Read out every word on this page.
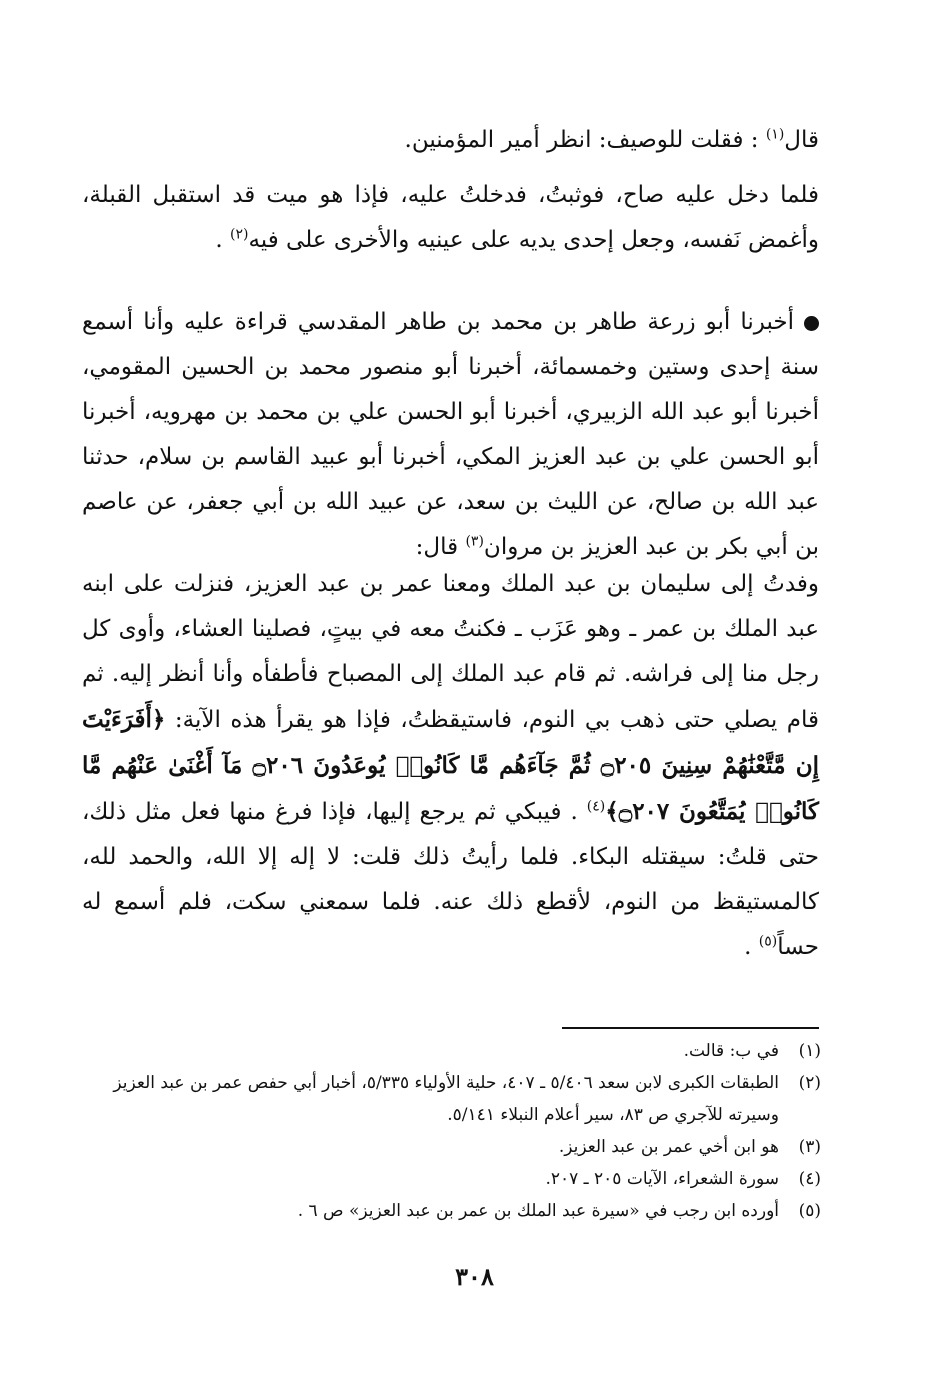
قال$^{(١)}$ : فقلت للوصيف: انظر أمير المؤمنين.

فلما دخل عليه صاح، فوثبتُ، فدخلتُ عليه، فإذا هو ميت قد استقبل القبلة، وأغمض نَفسه، وجعل إحدى يديه على عينيه والأخرى على فيه$^{(٢)}$ .

أخبرنا أبو زرعة طاهر بن محمد بن طاهر المقدسي قراءة عليه وأنا أسمع سنة إحدى وستين وخمسمائة، أخبرنا أبو منصور محمد بن الحسين المقومي، أخبرنا أبو عبد الله الزبيري، أخبرنا أبو الحسن علي بن محمد بن مهرويه، أخبرنا أبو الحسن علي بن عبد العزيز المكي، أخبرنا أبو عبيد القاسم بن سلام، حدثنا عبد الله بن صالح، عن الليث بن سعد، عن عبيد الله بن أبي جعفر، عن عاصم بن أبي بكر بن عبد العزيز بن مروان$^{(٣)}$ قال:

وفدتُ إلى سليمان بن عبد الملك ومعنا عمر بن عبد العزيز، فنزلت على ابنه عبد الملك بن عمر ـ وهو عَزَب ـ فكنتُ معه في بيتٍ، فصلينا العشاء، وأوى كل رجل منا إلى فراشه. ثم قام عبد الملك إلى المصباح فأطفأه وأنا أنظر إليه. ثم قام يصلي حتى ذهب بي النوم، فاستيقظتُ، فإذا هو يقرأ هذه الآية: ﴿أَفَرَءَيْتَ إِن مَّتَّعْنَٰهُمْ سِنِينَ ۝٢٠٥ ثُمَّ جَآءَهُم مَّا كَانُوا۟ يُوعَدُونَ ۝٢٠٦ مَآ أَغْنَىٰ عَنْهُم مَّا كَانُوا۟ يُمَتَّعُونَ ۝٢٠٧﴾$^{(٤)}$ . فيبكي ثم يرجع إليها، فإذا فرغ منها فعل مثل ذلك، حتى قلتُ: سيقتله البكاء. فلما رأيتُ ذلك قلت: لا إله إلا الله، والحمد لله، كالمستيقظ من النوم، لأقطع ذلك عنه. فلما سمعني سكت، فلم أسمع له حساً$^{(٥)}$ .

(١)
في ب: قالت.
(٢)
الطبقات الكبرى لابن سعد ٥/٤٠٦ ـ ٤٠٧، حلية الأولياء ٥/٣٣٥، أخبار أبي حفص عمر بن عبد العزيز وسيرته للآجري ص ٨٣، سير أعلام النبلاء ٥/١٤١.
(٣)
هو ابن أخي عمر بن عبد العزيز.
(٤)
سورة الشعراء، الآيات ٢٠٥ ـ ٢٠٧.
(٥)
أورده ابن رجب في «سيرة عبد الملك بن عمر بن عبد العزيز» ص ٦ .
٣٠٨
